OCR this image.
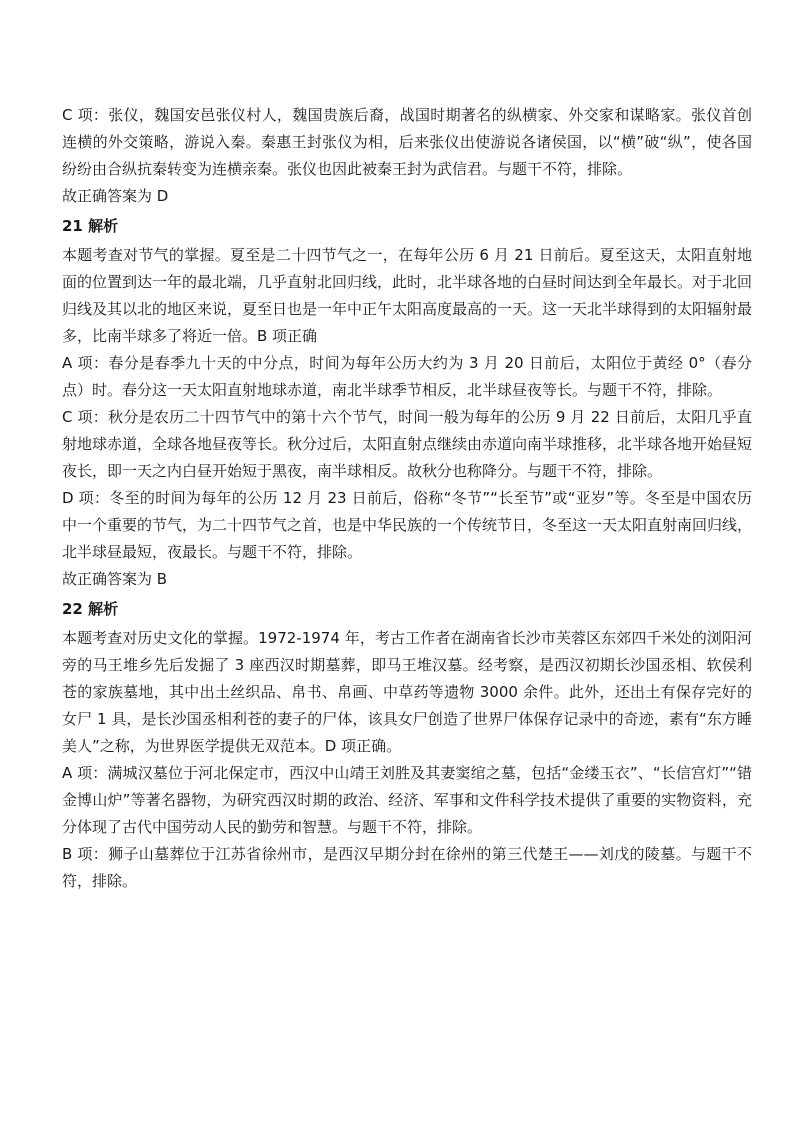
C 项：张仪，魏国安邑张仪村人，魏国贵族后裔，战国时期著名的纵横家、外交家和谋略家。张仪首创连横的外交策略，游说入秦。秦惠王封张仪为相，后来张仪出使游说各诸侯国，以“横”破“纵”，使各国纷纷由合纵抗秦转变为连横亲秦。张仪也因此被秦王封为武信君。与题干不符，排除。

故正确答案为 D

21 解析

本题考查对节气的掌握。夏至是二十四节气之一，在每年公历 6 月 21 日前后。夏至这天，太阳直射地面的位置到达一年的最北端，几乎直射北回归线，此时，北半球各地的白昼时间达到全年最长。对于北回归线及其以北的地区来说，夏至日也是一年中正午太阳高度最高的一天。这一天北半球得到的太阳辐射最多，比南半球多了将近一倍。B 项正确

A 项：春分是春季九十天的中分点，时间为每年公历大约为 3 月 20 日前后，太阳位于黄经 0°（春分点）时。春分这一天太阳直射地球赤道，南北半球季节相反，北半球昼夜等长。与题干不符，排除。

C 项：秋分是农历二十四节气中的第十六个节气，时间一般为每年的公历 9 月 22 日前后，太阳几乎直射地球赤道，全球各地昼夜等长。秋分过后，太阳直射点继续由赤道向南半球推移，北半球各地开始昼短夜长，即一天之内白昼开始短于黑夜，南半球相反。故秋分也称降分。与题干不符，排除。

D 项：冬至的时间为每年的公历 12 月 23 日前后，俗称“冬节”“长至节”或“亚岁”等。冬至是中国农历中一个重要的节气，为二十四节气之首，也是中华民族的一个传统节日，冬至这一天太阳直射南回归线，北半球昼最短，夜最长。与题干不符，排除。

故正确答案为 B

22 解析

本题考查对历史文化的掌握。1972-1974 年，考古工作者在湖南省长沙市芙蓉区东郊四千米处的浏阳河旁的马王堆乡先后发掘了 3 座西汉时期墓葬，即马王堆汉墓。经考察，是西汉初期长沙国丞相、软侯利苍的家族墓地，其中出土丝织品、帛书、帛画、中草药等遗物 3000 余件。此外，还出土有保存完好的女尸 1 具，是长沙国丞相利苍的妻子的尸体，该具女尸创造了世界尸体保存记录中的奇迹，素有“东方睡美人”之称，为世界医学提供无双范本。D 项正确。

A 项：满城汉墓位于河北保定市，西汉中山靖王刘胜及其妻窦绾之墓，包括“金缕玉衣”、“长信宫灯”“错金博山炉”等著名器物，为研究西汉时期的政治、经济、军事和文件科学技术提供了重要的实物资料，充分体现了古代中国劳动人民的勤劳和智慧。与题干不符，排除。

B 项：狮子山墓葬位于江苏省徐州市，是西汉早期分封在徐州的第三代楚王——刘戊的陵墓。与题干不符，排除。
